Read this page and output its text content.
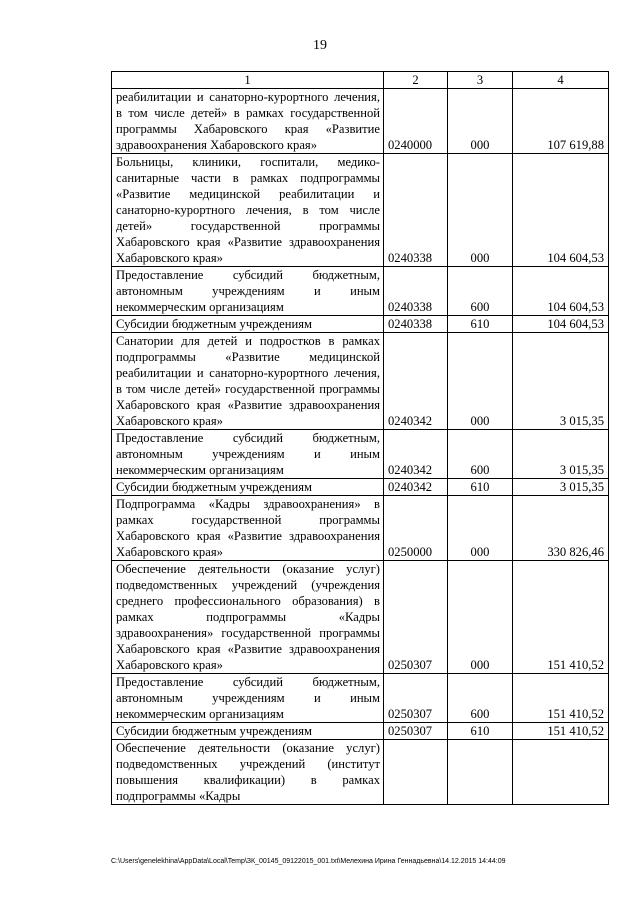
19
1	2	3	4
реабилитации и санаторно-курортного лечения, в том числе детей» в рамках государственной программы Хабаровского края «Развитие здравоохранения Хабаровского края»	0240000	000	107 619,88
Больницы, клиники, госпитали, медико-санитарные части в рамках подпрограммы «Развитие медицинской реабилитации и санаторно-курортного лечения, в том числе детей» государственной программы Хабаровского края «Развитие здравоохранения Хабаровского края»	0240338	000	104 604,53
Предоставление субсидий бюджетным, автономным учреждениям и иным некоммерческим организациям	0240338	600	104 604,53
Субсидии бюджетным учреждениям	0240338	610	104 604,53
Санатории для детей и подростков в рамках подпрограммы «Развитие медицинской реабилитации и санаторно-курортного лечения, в том числе детей» государственной программы Хабаровского края «Развитие здравоохранения Хабаровского края»	0240342	000	3 015,35
Предоставление субсидий бюджетным, автономным учреждениям и иным некоммерческим организациям	0240342	600	3 015,35
Субсидии бюджетным учреждениям	0240342	610	3 015,35
Подпрограмма «Кадры здравоохранения» в рамках государственной программы Хабаровского края «Развитие здравоохранения Хабаровского края»	0250000	000	330 826,46
Обеспечение деятельности (оказание услуг) подведомственных учреждений (учреждения среднего профессионального образования) в рамках подпрограммы «Кадры здравоохранения» государственной программы Хабаровского края «Развитие здравоохранения Хабаровского края»	0250307	000	151 410,52
Предоставление субсидий бюджетным, автономным учреждениям и иным некоммерческим организациям	0250307	600	151 410,52
Субсидии бюджетным учреждениям	0250307	610	151 410,52
Обеспечение деятельности (оказание услуг) подведомственных учреждений (институт повышения квалификации) в рамках подпрограммы «Кадры			
C:\Users\genelekhina\AppData\Local\Temp\ЗК_00145_09122015_001.txt\Мелехина Ирина Геннадьевна\14.12.2015 14:44:09
